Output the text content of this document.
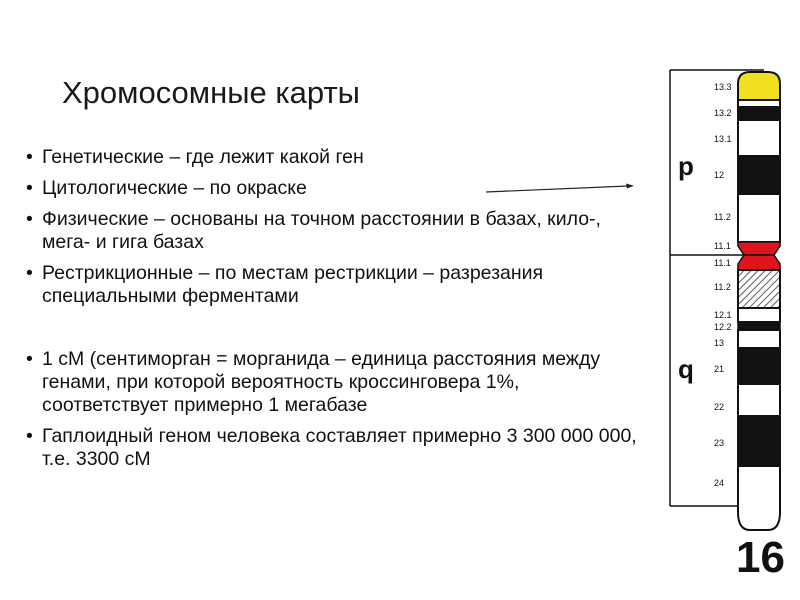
Хромосомные карты
• Генетические – где лежит какой ген
• Цитологические – по окраске
• Физические – основаны на точном расстоянии в базах, кило-, мега- и гига базах
• Рестрикционные – по местам рестрикции – разрезания специальными ферментами
• 1 сМ (сентиморган = морганида – единица расстояния между генами, при которой вероятность кроссинговера 1%, соответствует примерно 1 мегабазе
• Гаплоидный геном человека составляет примерно 3 300 000 000, т.е. 3300 сМ
p
q
13.3
13.2
13.1
12
11.2
11.1
11.1
11.2
12.1
12.2
13
21
22
23
24
16
